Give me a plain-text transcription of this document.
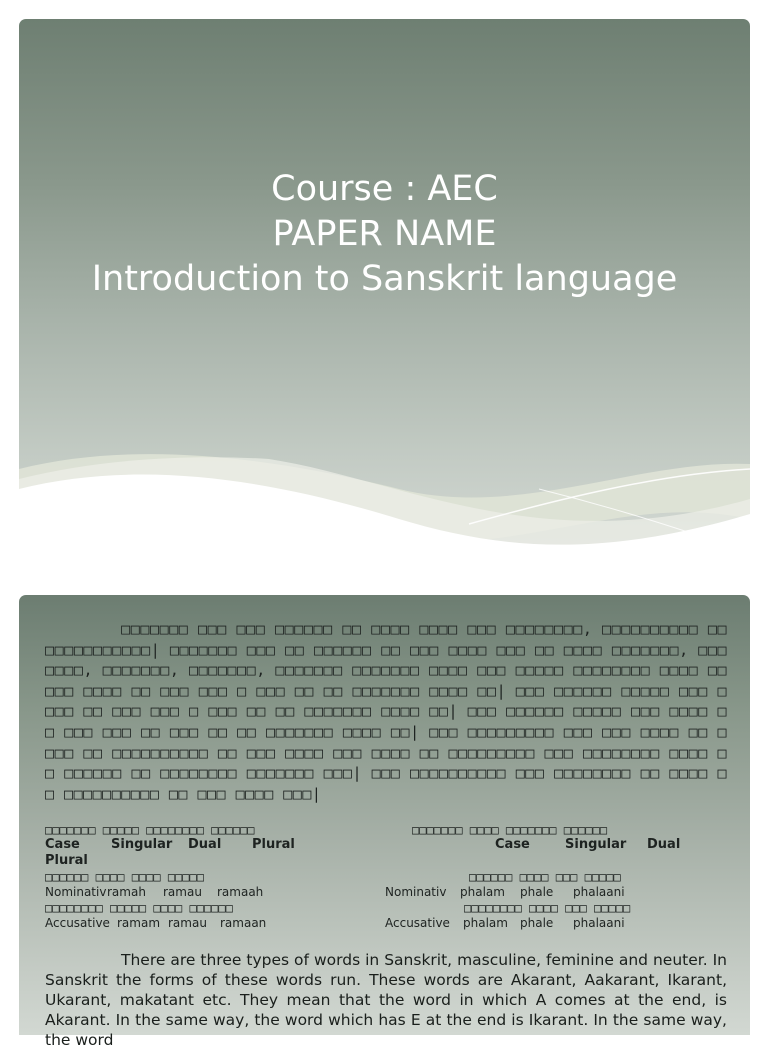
Course : AEC
PAPER NAME
Introduction to Sanskrit language
□□□□□□□ □□□ □□□ □□□□□□ □□ □□□□ □□□□ □□□ □□□□□□□□, □□□□□□□□□□ □□ □□□□□□□□□□□| □□□□□□□ □□□ □□ □□□□□□ □□ □□□ □□□□ □□□ □□ □□□□ □□□□□□□, □□□□□□□, □□□□□□□, □□□□□□□, □□□□□□□ □□□□□□□ □□□□ □□□ □□□□□ □□□□□□□□ □□□□ □□ □□□ □□□□ □□ □□□ □□□ □ □□□ □□ □□ □□□□□□□ □□□□ □□| □□□ □□□□□□ □□□□□ □□□ □□□□ □□ □□□ □□□ □ □□□ □□ □□ □□□□□□□ □□□□ □□| □□□ □□□□□□ □□□□□ □□□ □□□□ □□ □□□ □□□ □□ □□□ □□ □□ □□□□□□□ □□□□ □□| □□□ □□□□□□□□□ □□□ □□□ □□□□ □□ □□□□ □□ □□□□□□□□□□ □□ □□□ □□□□ □□□ □□□□ □□ □□□□□□□□□ □□□ □□□□□□□□ □□□□ □□ □□□□□□ □□ □□□□□□□□ □□□□□□□ □□□| □□□ □□□□□□□□□□ □□□ □□□□□□□□ □□ □□□□ □□ □□□□□□□□□□ □□ □□□ □□□□ □□□|
□□□□□□□ □□□□□ □□□□□□□□ □□□□□□
Case Singular Dual Plural
Plural
□□□□□□ □□□□ □□□□ □□□□□
Nominativ ramah ramau ramaah
□□□□□□□□ □□□□□ □□□□ □□□□□□
Accusative ramam ramau ramaan
□□□□□□□ □□□□ □□□□□□□ □□□□□□
Case	Singular Dual
□□□□□□ □□□□ □□□ □□□□□
Nominativ phalam phale phalaani
□□□□□□□□ □□□□ □□□ □□□□□
Accusative phalam phale phalaani
There are three types of words in Sanskrit, masculine, feminine and neuter. In Sanskrit the forms of these words run. These words are Akarant, Aakarant, Ikarant, Ukarant, makatant etc. They mean that the word in which A comes at the end, is Akarant. In the same way, the word which has E at the end is Ikarant. In the same way, the word
